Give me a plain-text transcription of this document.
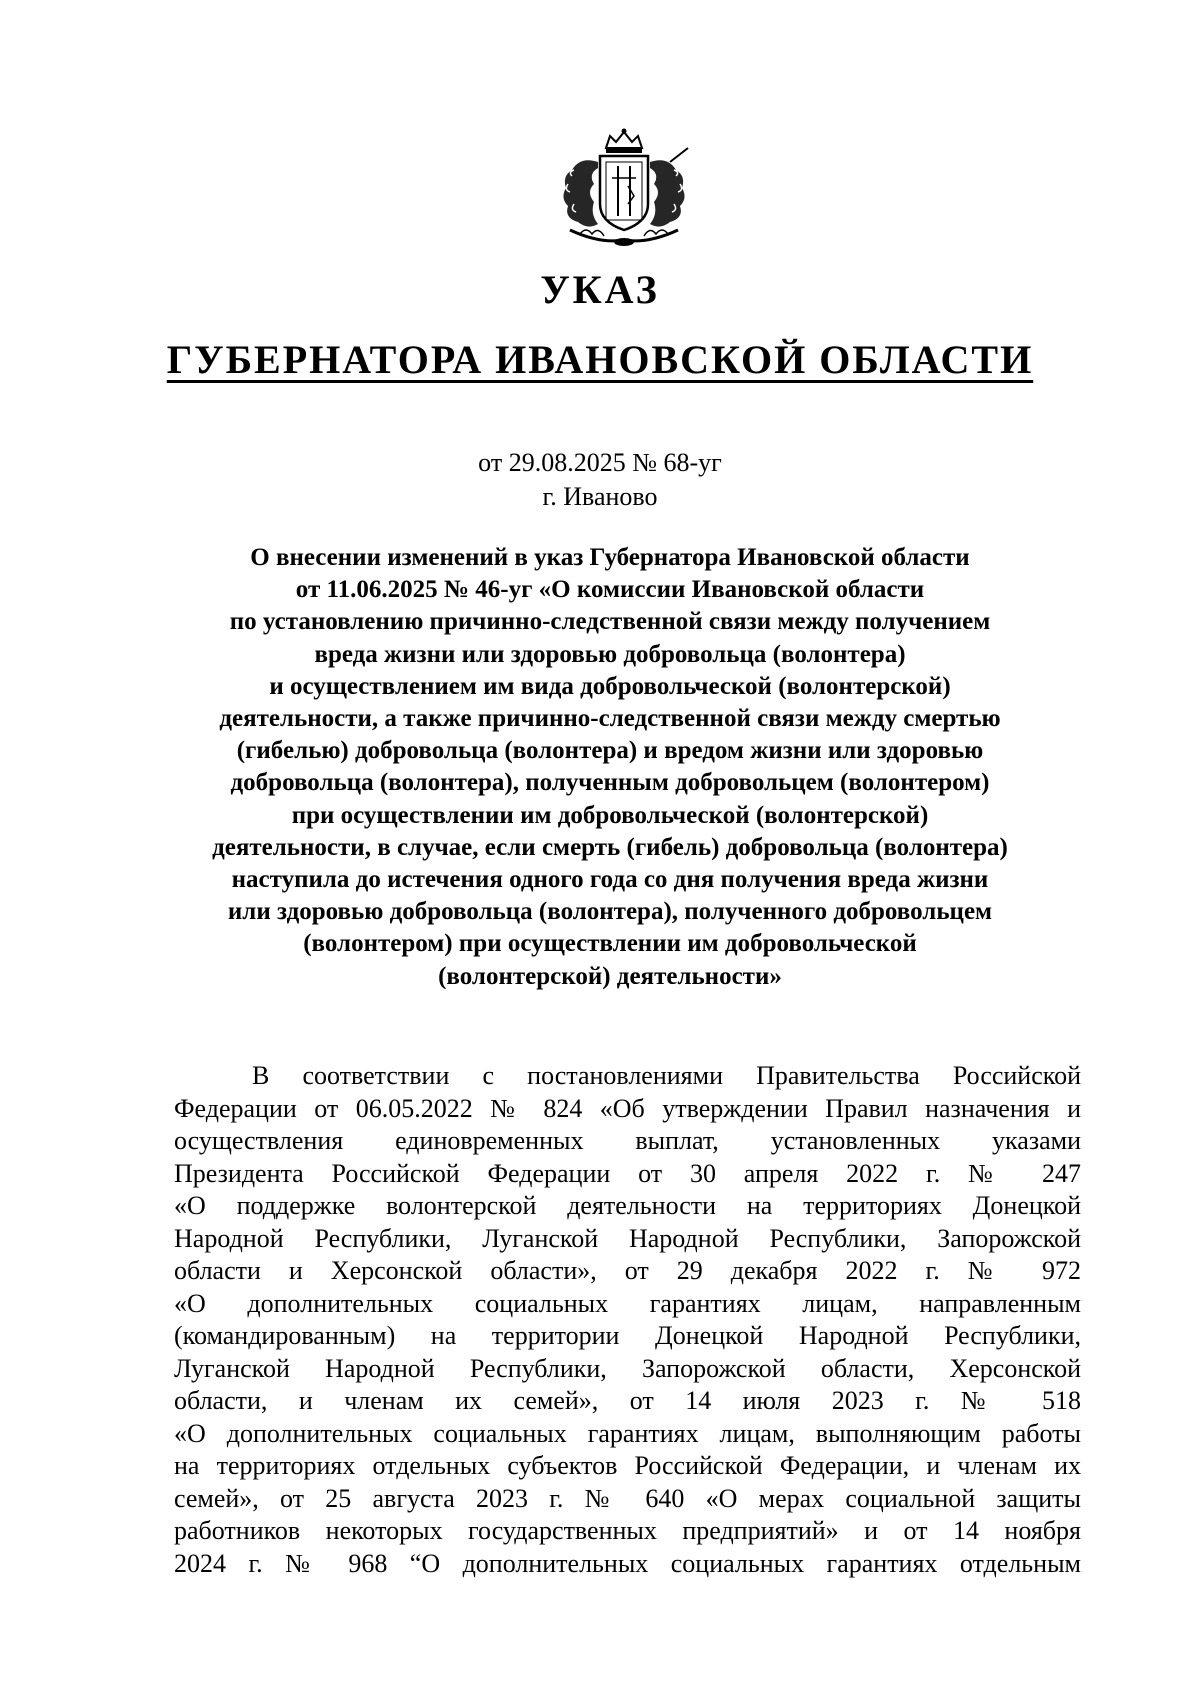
УКАЗ
ГУБЕРНАТОРА ИВАНОВСКОЙ ОБЛАСТИ
от 29.08.2025 № 68-уг
г. Иваново
О внесении изменений в указ Губернатора Ивановской области
от 11.06.2025 № 46-уг «О комиссии Ивановской области
по установлению причинно-следственной связи между получением
вреда жизни или здоровью добровольца (волонтера)
и осуществлением им вида добровольческой (волонтерской)
деятельности, а также причинно-следственной связи между смертью
(гибелью) добровольца (волонтера) и вредом жизни или здоровью
добровольца (волонтера), полученным добровольцем (волонтером)
при осуществлении им добровольческой (волонтерской)
деятельности, в случае, если смерть (гибель) добровольца (волонтера)
наступила до истечения одного года со дня получения вреда жизни
или здоровью добровольца (волонтера), полученного добровольцем
(волонтером) при осуществлении им добровольческой
(волонтерской) деятельности»
В соответствии с постановлениями Правительства Российской
Федерации от 06.05.2022 № 824 «Об утверждении Правил назначения и
осуществления единовременных выплат, установленных указами
Президента Российской Федерации от 30 апреля 2022 г. № 247
«О поддержке волонтерской деятельности на территориях Донецкой
Народной Республики, Луганской Народной Республики, Запорожской
области и Херсонской области», от 29 декабря 2022 г. № 972
«О дополнительных социальных гарантиях лицам, направленным
(командированным) на территории Донецкой Народной Республики,
Луганской Народной Республики, Запорожской области, Херсонской
области, и членам их семей», от 14 июля 2023 г. № 518
«О дополнительных социальных гарантиях лицам, выполняющим работы
на территориях отдельных субъектов Российской Федерации, и членам их
семей», от 25 августа 2023 г. № 640 «О мерах социальной защиты
работников некоторых государственных предприятий» и от 14 ноября
2024 г. № 968 “О дополнительных социальных гарантиях отдельным
